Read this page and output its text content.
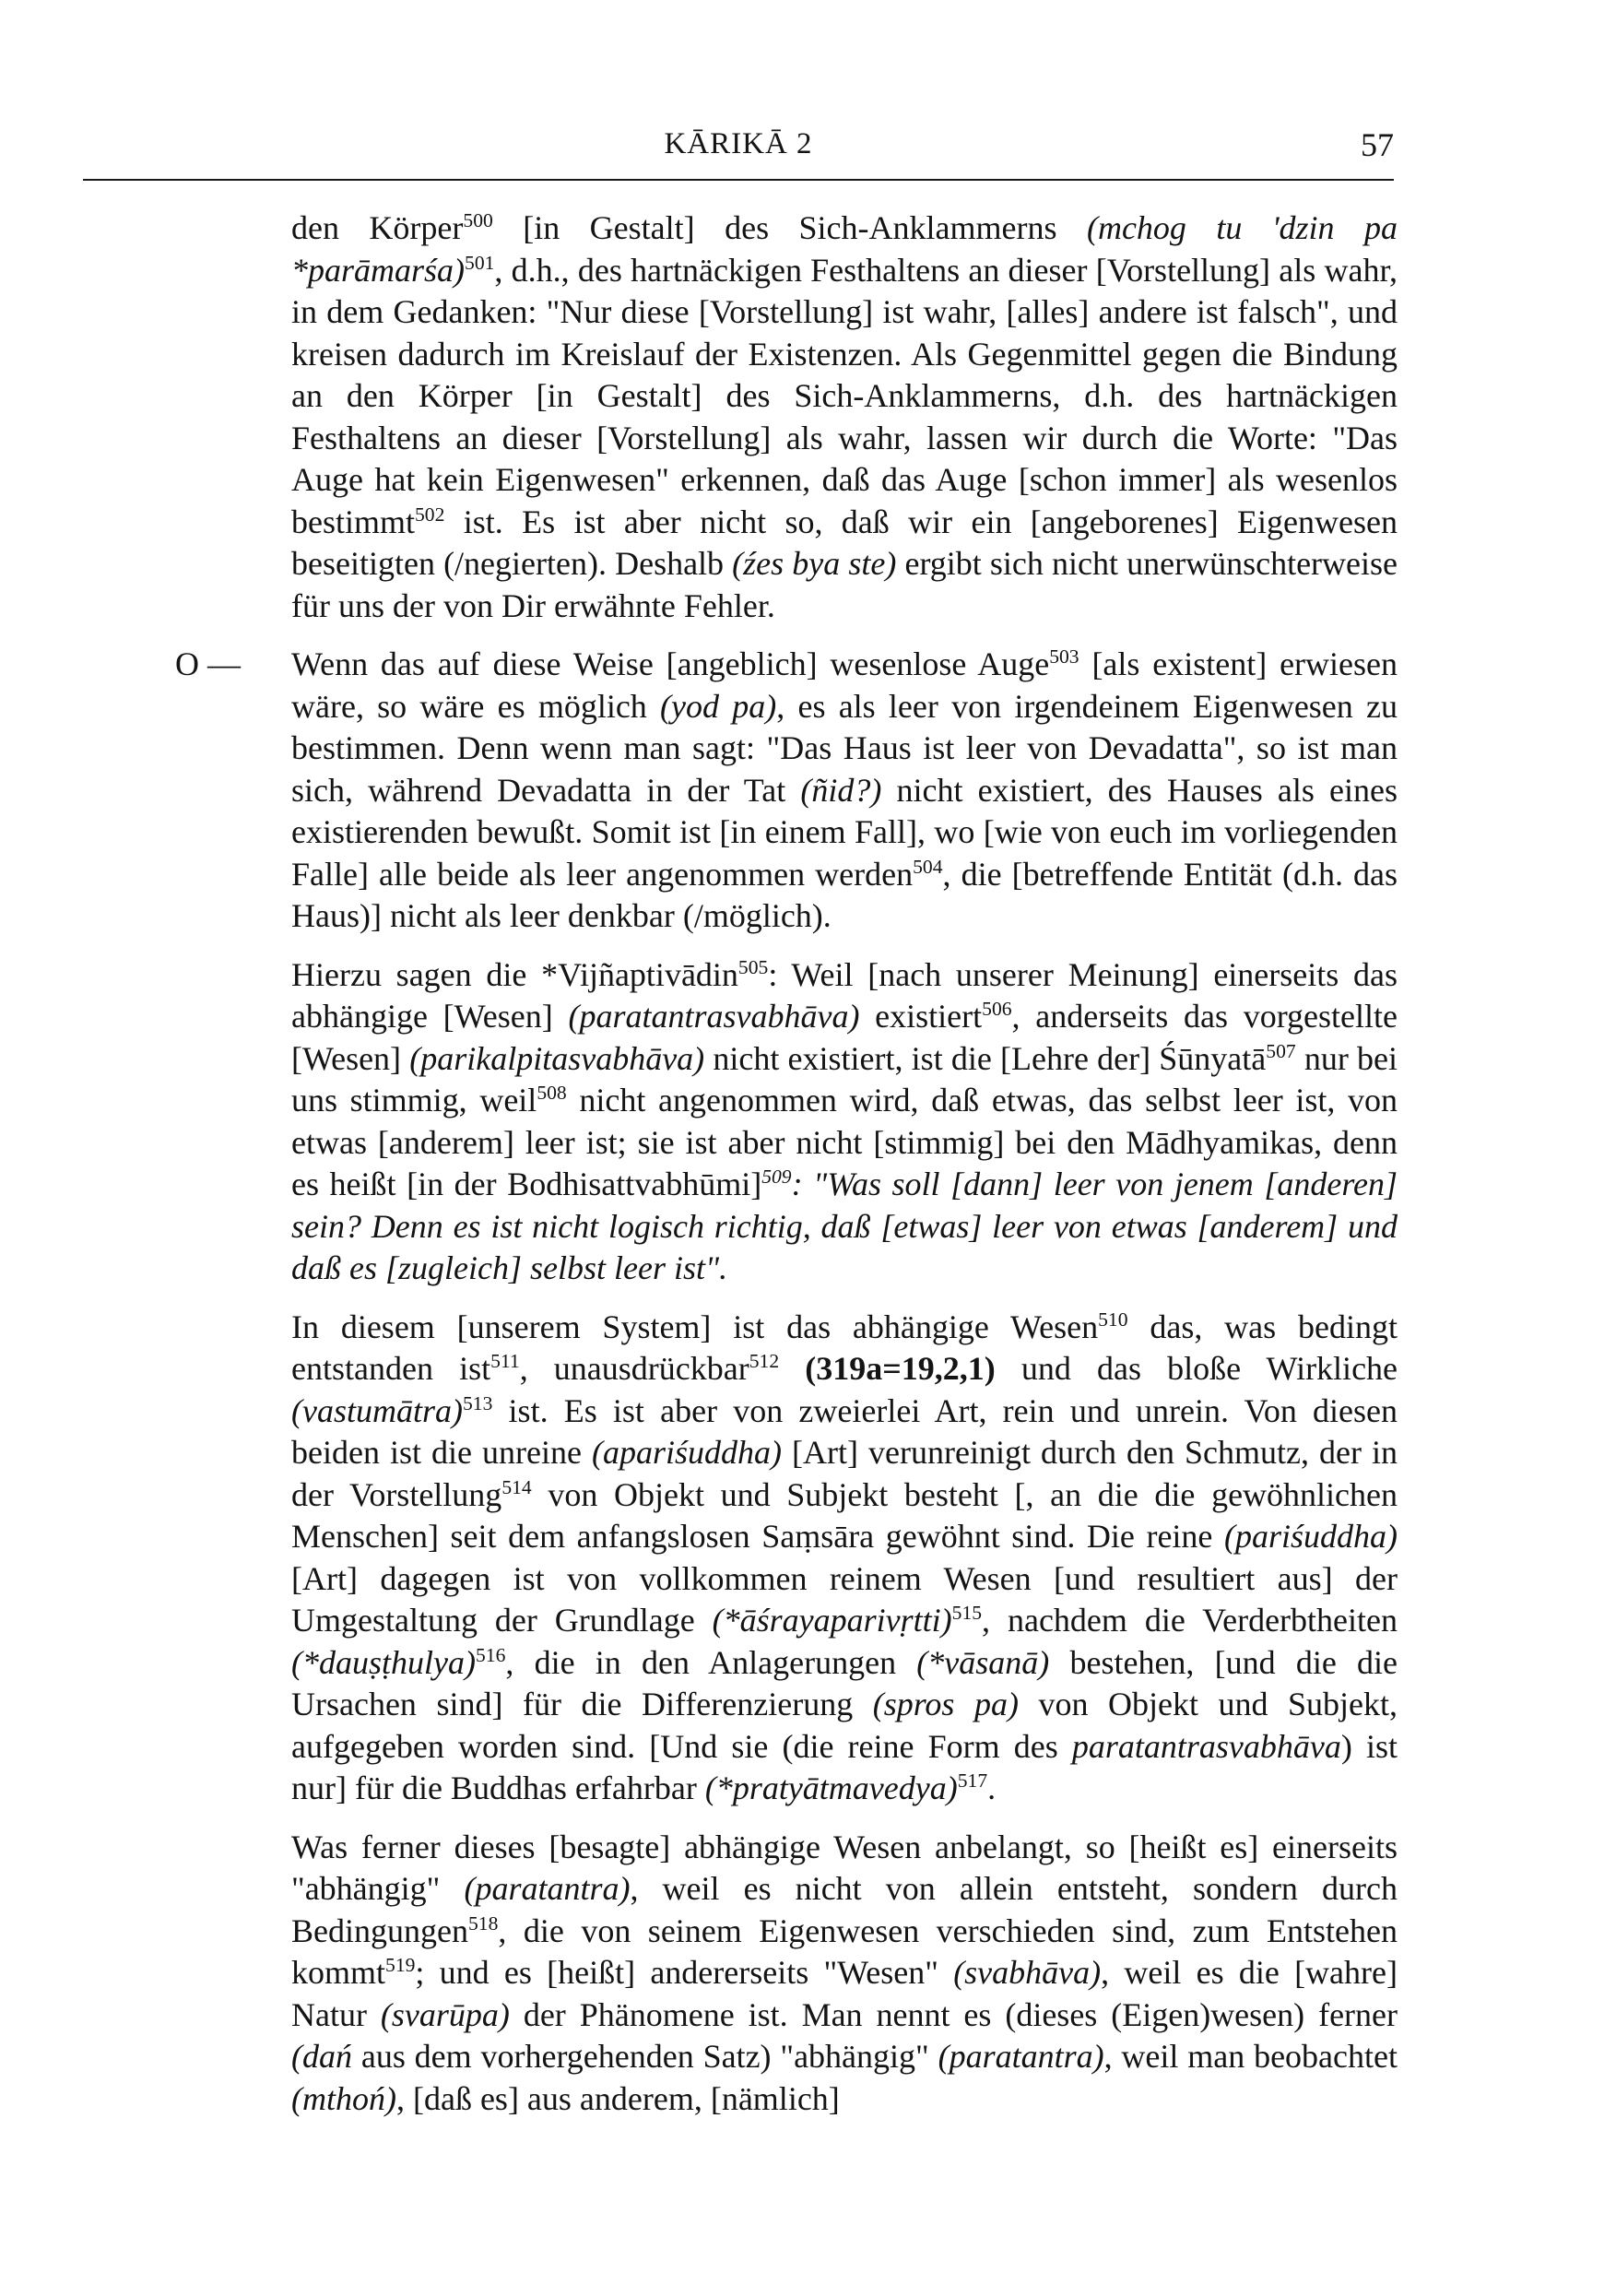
KĀRIKĀ 2	57

den Körper$^{500}$ [in Gestalt] des Sich-Anklammerns (mchog tu 'dzin pa *parāmarśa)$^{501}$, d.h., des hartnäckigen Festhaltens an dieser [Vorstellung] als wahr, in dem Gedanken: "Nur diese [Vorstellung] ist wahr, [alles] andere ist falsch", und kreisen dadurch im Kreislauf der Existenzen. Als Gegenmittel gegen die Bindung an den Körper [in Gestalt] des Sich-Anklammerns, d.h. des hartnäckigen Festhaltens an dieser [Vorstellung] als wahr, lassen wir durch die Worte: "Das Auge hat kein Eigenwesen" erkennen, daß das Auge [schon immer] als wesenlos bestimmt$^{502}$ ist. Es ist aber nicht so, daß wir ein [angeborenes] Eigenwesen beseitigten (/negierten). Deshalb (źes bya ste) ergibt sich nicht unerwünschterweise für uns der von Dir erwähnte Fehler.

O — Wenn das auf diese Weise [angeblich] wesenlose Auge$^{503}$ [als existent] erwiesen wäre, so wäre es möglich (yod pa), es als leer von irgendeinem Eigenwesen zu bestimmen. Denn wenn man sagt: "Das Haus ist leer von Devadatta", so ist man sich, während Devadatta in der Tat (ñid?) nicht existiert, des Hauses als eines existierenden bewußt. Somit ist [in einem Fall], wo [wie von euch im vorliegenden Falle] alle beide als leer angenommen werden$^{504}$, die [betreffende Entität (d.h. das Haus)] nicht als leer denkbar (/möglich).

Hierzu sagen die *Vijñaptivādin$^{505}$: Weil [nach unserer Meinung] einerseits das abhängige [Wesen] (paratantrasvabhāva) existiert$^{506}$, anderseits das vorgestellte [Wesen] (parikalpitasvabhāva) nicht existiert, ist die [Lehre der] Śūnyatā$^{507}$ nur bei uns stimmig, weil$^{508}$ nicht angenommen wird, daß etwas, das selbst leer ist, von etwas [anderem] leer ist; sie ist aber nicht [stimmig] bei den Mādhyamikas, denn es heißt [in der Bodhisattvabhūmi]$^{509}$: "Was soll [dann] leer von jenem [anderen] sein? Denn es ist nicht logisch richtig, daß [etwas] leer von etwas [anderem] und daß es [zugleich] selbst leer ist".

In diesem [unserem System] ist das abhängige Wesen$^{510}$ das, was bedingt entstanden ist$^{511}$, unausdrückbar$^{512}$ (319a=19,2,1) und das bloße Wirkliche (vastumātra)$^{513}$ ist. Es ist aber von zweierlei Art, rein und unrein. Von diesen beiden ist die unreine (apariśuddha) [Art] verunreinigt durch den Schmutz, der in der Vorstellung$^{514}$ von Objekt und Subjekt besteht [, an die die gewöhnlichen Menschen] seit dem anfangslosen Saṃsāra gewöhnt sind. Die reine (pariśuddha) [Art] dagegen ist von vollkommen reinem Wesen [und resultiert aus] der Umgestaltung der Grundlage (*āśrayaparivṛtti)$^{515}$, nachdem die Verderbtheiten (*dauṣṭhulya)$^{516}$, die in den Anlagerungen (*vāsanā) bestehen, [und die die Ursachen sind] für die Differenzierung (spros pa) von Objekt und Subjekt, aufgegeben worden sind. [Und sie (die reine Form des paratantrasvabhāva) ist nur] für die Buddhas erfahrbar (*pratyātmavedya)$^{517}$.

Was ferner dieses [besagte] abhängige Wesen anbelangt, so [heißt es] einerseits "abhängig" (paratantra), weil es nicht von allein entsteht, sondern durch Bedingungen$^{518}$, die von seinem Eigenwesen verschieden sind, zum Entstehen kommt$^{519}$; und es [heißt] andererseits "Wesen" (svabhāva), weil es die [wahre] Natur (svarūpa) der Phänomene ist. Man nennt es (dieses (Eigen)wesen) ferner (dań aus dem vorhergehenden Satz) "abhängig" (paratantra), weil man beobachtet (mthoń), [daß es] aus anderem, [nämlich]
